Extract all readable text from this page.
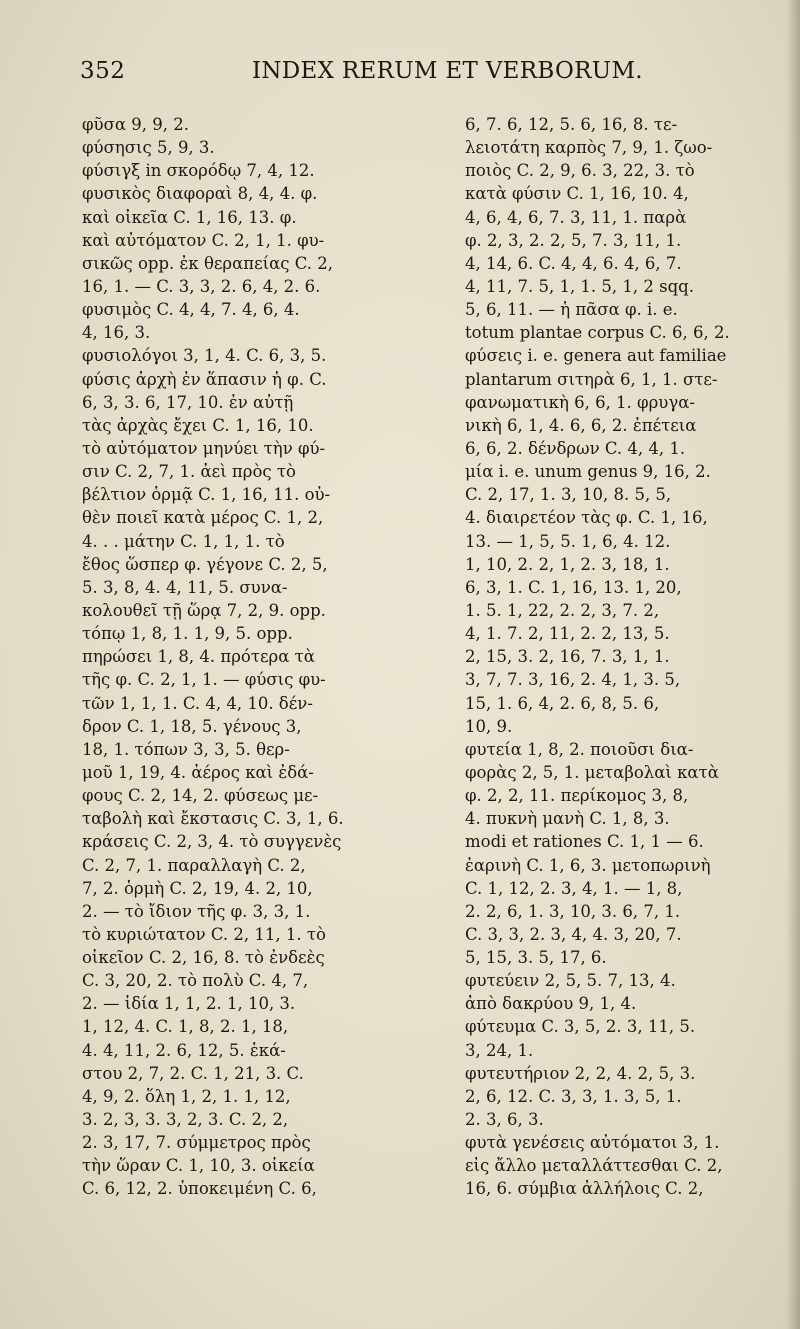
352	INDEX RERUM ET VERBORUM.
φῦσα 9, 9, 2.
φύσησις 5, 9, 3.
φύσιγξ in σκορόδῳ 7, 4, 12.
φυσικὸς διαφοραὶ 8, 4, 4. φ.
καὶ οἰκεῖα C. 1, 16, 13. φ.
καὶ αὐτόματον C. 2, 1, 1. φυ-
σικῶς opp. ἐκ θεραπείας C. 2,
16, 1. — C. 3, 3, 2. 6, 4, 2. 6.
φυσιμὸς C. 4, 4, 7. 4, 6, 4.
4, 16, 3.
φυσιολόγοι 3, 1, 4. C. 6, 3, 5.
φύσις ἀρχὴ ἐν ἅπασιν ἡ φ. C.
6, 3, 3. 6, 17, 10. ἐν αὐτῇ
τὰς ἀρχὰς ἔχει C. 1, 16, 10.
τὸ αὐτόματον μηνύει τὴν φύ-
σιν C. 2, 7, 1. ἀεὶ πρὸς τὸ
βέλτιον ὁρμᾷ C. 1, 16, 11. οὐ-
θὲν ποιεῖ κατὰ μέρος C. 1, 2,
4. . . μάτην C. 1, 1, 1. τὸ
ἔθος ὥσπερ φ. γέγονε C. 2, 5,
5. 3, 8, 4. 4, 11, 5. συνα-
κολουθεῖ τῇ ὥρᾳ 7, 2, 9. opp.
τόπῳ 1, 8, 1. 1, 9, 5. opp.
πηρώσει 1, 8, 4. πρότερα τὰ
τῆς φ. C. 2, 1, 1. — φύσις φυ-
τῶν 1, 1, 1. C. 4, 4, 10. δέν-
δρον C. 1, 18, 5. γένους 3,
18, 1. τόπων 3, 3, 5. θερ-
μοῦ 1, 19, 4. ἀέρος καὶ ἐδά-
φους C. 2, 14, 2. φύσεως με-
ταβολὴ καὶ ἔκστασις C. 3, 1, 6.
κράσεις C. 2, 3, 4. τὸ συγγενὲς
C. 2, 7, 1. παραλλαγὴ C. 2,
7, 2. ὁρμὴ C. 2, 19, 4. 2, 10,
2. — τὸ ἴδιον τῆς φ. 3, 3, 1.
τὸ κυριώτατον C. 2, 11, 1. τὸ
οἰκεῖον C. 2, 16, 8. τὸ ἐνδεὲς
C. 3, 20, 2. τὸ πολὺ C. 4, 7,
2. — ἰδία 1, 1, 2. 1, 10, 3.
1, 12, 4. C. 1, 8, 2. 1, 18,
4. 4, 11, 2. 6, 12, 5. ἑκά-
στου 2, 7, 2. C. 1, 21, 3. C.
4, 9, 2. ὅλη 1, 2, 1. 1, 12,
3. 2, 3, 3. 3, 2, 3. C. 2, 2,
2. 3, 17, 7. σύμμετρος πρὸς
τὴν ὥραν C. 1, 10, 3. οἰκεία
C. 6, 12, 2. ὑποκειμένη C. 6,
6, 7. 6, 12, 5. 6, 16, 8. τε-
λειοτάτη καρπὸς 7, 9, 1. ζωο-
ποιὸς C. 2, 9, 6. 3, 22, 3. τὸ
κατὰ φύσιν C. 1, 16, 10. 4,
4, 6, 4, 6, 7. 3, 11, 1. παρὰ
φ. 2, 3, 2. 2, 5, 7. 3, 11, 1.
4, 14, 6. C. 4, 4, 6. 4, 6, 7.
4, 11, 7. 5, 1, 1. 5, 1, 2 sqq.
5, 6, 11. — ἡ πᾶσα φ. i. e.
totum plantae corpus C. 6, 6, 2.
φύσεις i. e. genera aut familiae
plantarum σιτηρὰ 6, 1, 1. στε-
φανωματικὴ 6, 6, 1. φρυγα-
νικὴ 6, 1, 4. 6, 6, 2. ἐπέτεια
6, 6, 2. δένδρων C. 4, 4, 1.
μία i. e. unum genus 9, 16, 2.
C. 2, 17, 1. 3, 10, 8. 5, 5,
4. διαιρετέον τὰς φ. C. 1, 16,
13. — 1, 5, 5. 1, 6, 4. 12.
1, 10, 2. 2, 1, 2. 3, 18, 1.
6, 3, 1. C. 1, 16, 13. 1, 20,
1. 5. 1, 22, 2. 2, 3, 7. 2,
4, 1. 7. 2, 11, 2. 2, 13, 5.
2, 15, 3. 2, 16, 7. 3, 1, 1.
3, 7, 7. 3, 16, 2. 4, 1, 3. 5,
15, 1. 6, 4, 2. 6, 8, 5. 6,
10, 9.
φυτεία 1, 8, 2. ποιοῦσι δια-
φορὰς 2, 5, 1. μεταβολαὶ κατὰ
φ. 2, 2, 11. περίκομος 3, 8,
4. πυκνὴ μανὴ C. 1, 8, 3.
modi et rationes C. 1, 1 — 6.
ἐαρινὴ C. 1, 6, 3. μετοπωρινὴ
C. 1, 12, 2. 3, 4, 1. — 1, 8,
2. 2, 6, 1. 3, 10, 3. 6, 7, 1.
C. 3, 3, 2. 3, 4, 4. 3, 20, 7.
5, 15, 3. 5, 17, 6.
φυτεύειν 2, 5, 5. 7, 13, 4.
ἀπὸ δακρύου 9, 1, 4.
φύτευμα C. 3, 5, 2. 3, 11, 5.
3, 24, 1.
φυτευτήριον 2, 2, 4. 2, 5, 3.
2, 6, 12. C. 3, 3, 1. 3, 5, 1.
2. 3, 6, 3.
φυτὰ γενέσεις αὐτόματοι 3, 1.
εἰς ἄλλο μεταλλάττεσθαι C. 2,
16, 6. σύμβια ἀλλήλοις C. 2,
